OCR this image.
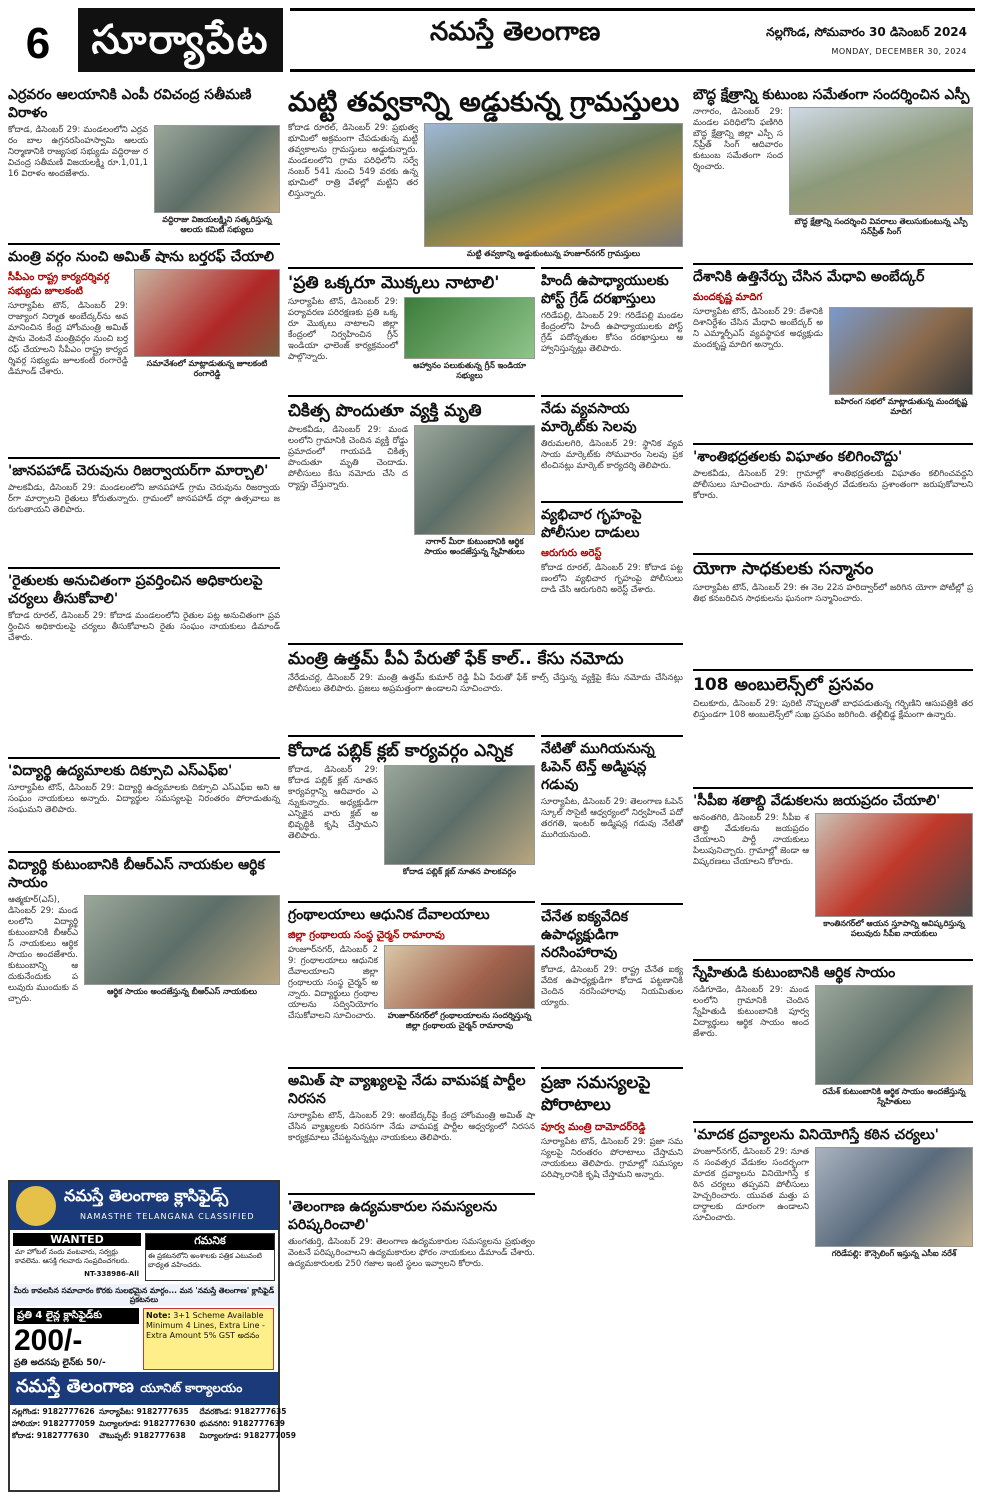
6	సూర్యాపేట	నమస్తే తెలంగాణ	నల్లగొండ, సోమవారం 30 డిసెంబర్ 2024
MONDAY, DECEMBER 30, 2024
ఎర్రవరం ఆలయానికి ఎంపీ రవిచంద్ర సతీమణి విరాళం
కోదాడ, డిసెంబర్ 29: మండలంలోని ఎర్రవరం బాల ఉగ్రనరసింహస్వామి ఆలయ నిర్మాణానికి రాజ్యసభ సభ్యుడు వద్దిరాజు రవిచంద్ర సతీమణి విజయలక్ష్మి రూ.1,01,116 విరాళం అందజేశారు.
వద్దిరాజు విజయలక్ష్మిని సత్కరిస్తున్న ఆలయ కమిటీ సభ్యులు
మంత్రి వర్గం నుంచి అమిత్ షాను బర్తరఫ్ చేయాలి
సీపీఎం రాష్ట్ర కార్యదర్శివర్గ సభ్యుడు జూలకంటి
సూర్యాపేట టౌన్, డిసెంబర్ 29: రాజ్యాంగ నిర్మాత అంబేద్కర్‌ను అవమానించిన కేంద్ర హోంమంత్రి అమిత్ షాను వెంటనే మంత్రివర్గం నుంచి బర్తరఫ్ చేయాలని సీపీఎం రాష్ట్ర కార్యదర్శివర్గ సభ్యుడు జూలకంటి రంగారెడ్డి డిమాండ్ చేశారు.
సమావేశంలో మాట్లాడుతున్న జూలకంటి రంగారెడ్డి
'జానపహాడ్ చెరువును రిజర్వాయర్‌గా మార్చాలి'
పాలకవీడు, డిసెంబర్ 29: మండలంలోని జానపహాడ్ గ్రామ చెరువును రిజర్వాయర్‌గా మార్చాలని రైతులు కోరుతున్నారు. గ్రామంలో జానపహాడ్ దర్గా ఉత్సవాలు జరుగుతాయని తెలిపారు.
'రైతులకు అనుచితంగా ప్రవర్తించిన అధికారులపై చర్యలు తీసుకోవాలి'
కోదాడ రూరల్, డిసెంబర్ 29: కోదాడ మండలంలోని రైతుల పట్ల అనుచితంగా ప్రవర్తించిన అధికారులపై చర్యలు తీసుకోవాలని రైతు సంఘం నాయకులు డిమాండ్ చేశారు.
'విద్యార్థి ఉద్యమాలకు దిక్సూచి ఎస్ఎఫ్ఐ'
సూర్యాపేట టౌన్, డిసెంబర్ 29: విద్యార్థి ఉద్యమాలకు దిక్సూచి ఎస్ఎఫ్ఐ అని ఆ సంఘం నాయకులు అన్నారు. విద్యార్థుల సమస్యలపై నిరంతరం పోరాడుతున్న సంఘమని తెలిపారు.
విద్యార్థి కుటుంబానికి బీఆర్ఎస్ నాయకుల ఆర్థిక సాయం
ఆత్మకూర్(ఎస్), డిసెంబర్ 29: మండలంలోని విద్యార్థి కుటుంబానికి బీఆర్ఎస్ నాయకులు ఆర్థిక సాయం అందజేశారు. కుటుంబాన్ని ఆదుకునేందుకు పలువురు ముందుకు వచ్చారు.
ఆర్థిక సాయం అందజేస్తున్న బీఆర్ఎస్ నాయకులు
నమస్తే తెలంగాణ క్లాసిఫైడ్స్
NAMASTHE TELANGANA CLASSIFIED
WANTED
మా హోటల్ నందు వంటవారు, సర్వర్లు కావలెను. ఆసక్తి గలవారు సంప్రదించగలరు.
NT-338986-All
గమనిక
ఈ ప్రకటనలోని అంశాలకు పత్రిక ఎటువంటి బాధ్యత వహించదు.
మీరు కావలసిన సమాచారం కొరకు సులభమైన మార్గం... మన 'నమస్తే తెలంగాణ' క్లాసిఫైడ్ ప్రకటనలు
ప్రతి 4 లైన్ల క్లాసిఫైడ్‌కు
200/-
ప్రతి అదనపు లైన్‌కు 50/-
Note: 3+1 Scheme Available Minimum 4 Lines, Extra Line - Extra Amount 5% GST అదనం
నమస్తే తెలంగాణ యూనిట్ కార్యాలయం
నల్లగొండ: 9182777626 సూర్యాపేట: 9182777635	దేవరకొండ: 9182777635
హాలియా: 9182777059 మిర్యాలగూడ: 9182777630 భువనగిరి: 9182777639
కోదాడ: 9182777630	చౌటుప్పల్: 9182777638	మిర్యాలగూడ: 9182777059
మట్టి తవ్వకాన్ని అడ్డుకున్న గ్రామస్తులు
కోదాడ రూరల్, డిసెంబర్ 29: ప్రభుత్వ భూమిలో అక్రమంగా చేపడుతున్న మట్టి తవ్వకాలను గ్రామస్తులు అడ్డుకున్నారు. మండలంలోని గ్రామ పరిధిలోని సర్వే నంబర్ 541 నుంచి 549 వరకు ఉన్న భూమిలో రాత్రి వేళల్లో మట్టిని తరలిస్తున్నారు.
మట్టి తవ్వకాన్ని అడ్డుకుంటున్న హుజూర్‌నగర్ గ్రామస్తులు
'ప్రతి ఒక్కరూ మొక్కలు నాటాలి'
సూర్యాపేట టౌన్, డిసెంబర్ 29: పర్యావరణ పరిరక్షణకు ప్రతి ఒక్కరూ మొక్కలు నాటాలని జిల్లా కేంద్రంలో నిర్వహించిన గ్రీన్ ఇండియా ఛాలెంజ్ కార్యక్రమంలో పాల్గొన్నారు.
ఆహ్వానం పలుకుతున్న గ్రీన్ ఇండియా సభ్యులు
చికిత్స పొందుతూ వ్యక్తి మృతి
పాలకవీడు, డిసెంబర్ 29: మండలంలోని గ్రామానికి చెందిన వ్యక్తి రోడ్డు ప్రమాదంలో గాయపడి చికిత్స పొందుతూ మృతి చెందాడు. పోలీసులు కేసు నమోదు చేసి దర్యాప్తు చేస్తున్నారు.
నాగార్ మీరా కుటుంబానికి ఆర్థిక సాయం అందజేస్తున్న స్నేహితులు
హిందీ ఉపాధ్యాయులకు పోస్ట్ గ్రేడ్ దరఖాస్తులు
గరిడేపల్లి, డిసెంబర్ 29: గరిడేపల్లి మండల కేంద్రంలోని హిందీ ఉపాధ్యాయులకు పోస్ట్ గ్రేడ్ పదోన్నతుల కోసం దరఖాస్తులు ఆహ్వానిస్తున్నట్లు తెలిపారు.
నేడు వ్యవసాయ మార్కెట్‌కు సెలవు
తిరుమలగిరి, డిసెంబర్ 29: స్థానిక వ్యవసాయ మార్కెట్‌కు సోమవారం సెలవు ప్రకటించినట్లు మార్కెట్ కార్యదర్శి తెలిపారు.
వ్యభిచార గృహంపై పోలీసుల దాడులు
ఆరుగురు అరెస్ట్
కోదాడ రూరల్, డిసెంబర్ 29: కోదాడ పట్టణంలోని వ్యభిచార గృహంపై పోలీసులు దాడి చేసి ఆరుగురిని అరెస్ట్ చేశారు.
మంత్రి ఉత్తమ్ పీఏ పేరుతో ఫేక్ కాల్.. కేసు నమోదు
నేరేడుచర్ల, డిసెంబర్ 29: మంత్రి ఉత్తమ్ కుమార్ రెడ్డి పీఏ పేరుతో ఫేక్ కాల్స్ చేస్తున్న వ్యక్తిపై కేసు నమోదు చేసినట్లు పోలీసులు తెలిపారు. ప్రజలు అప్రమత్తంగా ఉండాలని సూచించారు.
కోదాడ పబ్లిక్ క్లబ్ కార్యవర్గం ఎన్నిక
కోదాడ, డిసెంబర్ 29: కోదాడ పబ్లిక్ క్లబ్ నూతన కార్యవర్గాన్ని ఆదివారం ఎన్నుకున్నారు. అధ్యక్షుడిగా ఎన్నికైన వారు క్లబ్ అభివృద్ధికి కృషి చేస్తామని తెలిపారు.
కోదాడ పబ్లిక్ క్లబ్ నూతన పాలకవర్గం
గ్రంథాలయాలు ఆధునిక దేవాలయాలు
జిల్లా గ్రంథాలయ సంస్థ చైర్మన్ రామారావు
హుజూర్‌నగర్, డిసెంబర్ 29: గ్రంథాలయాలు ఆధునిక దేవాలయాలని జిల్లా గ్రంథాలయ సంస్థ చైర్మన్ అన్నారు. విద్యార్థులు గ్రంథాలయాలను సద్వినియోగం చేసుకోవాలని సూచించారు.	హుజూర్‌నగర్‌లో గ్రంథాలయాలను సందర్శిస్తున్న జిల్లా గ్రంథాలయ చైర్మన్ రామారావు
నేటితో ముగియనున్న ఓపెన్ టెన్త్ అడ్మిషన్ల గడువు
సూర్యాపేట, డిసెంబర్ 29: తెలంగాణ ఓపెన్ స్కూల్ సొసైటీ ఆధ్వర్యంలో నిర్వహించే పదో తరగతి, ఇంటర్ అడ్మిషన్ల గడువు నేటితో ముగియనుంది.
చేనేత ఐక్యవేదిక ఉపాధ్యక్షుడిగా నరసింహారావు
కోదాడ, డిసెంబర్ 29: రాష్ట్ర చేనేత ఐక్యవేదిక ఉపాధ్యక్షుడిగా కోదాడ పట్టణానికి చెందిన నరసింహారావు నియమితులయ్యారు.
అమిత్ షా వ్యాఖ్యలపై నేడు వామపక్ష పార్టీల నిరసన
సూర్యాపేట టౌన్, డిసెంబర్ 29: అంబేద్కర్‌పై కేంద్ర హోంమంత్రి అమిత్ షా చేసిన వ్యాఖ్యలకు నిరసనగా నేడు వామపక్ష పార్టీల ఆధ్వర్యంలో నిరసన కార్యక్రమాలు చేపట్టనున్నట్లు నాయకులు తెలిపారు.
'తెలంగాణ ఉద్యమకారుల సమస్యలను పరిష్కరించాలి'
తుంగతుర్తి, డిసెంబర్ 29: తెలంగాణ ఉద్యమకారుల సమస్యలను ప్రభుత్వం వెంటనే పరిష్కరించాలని ఉద్యమకారుల ఫోరం నాయకులు డిమాండ్ చేశారు. ఉద్యమకారులకు 250 గజాల ఇంటి స్థలం ఇవ్వాలని కోరారు.
ప్రజా సమస్యలపై పోరాటాలు
పూర్వ మంత్రి దామోదర్‌రెడ్డి
సూర్యాపేట టౌన్, డిసెంబర్ 29: ప్రజా సమస్యలపై నిరంతరం పోరాటాలు చేస్తామని నాయకులు తెలిపారు. గ్రామాల్లో సమస్యల పరిష్కారానికి కృషి చేస్తామని అన్నారు.
బౌద్ధ క్షేత్రాన్ని కుటుంబ సమేతంగా సందర్శించిన ఎస్పీ
నాగారం, డిసెంబర్ 29: మండల పరిధిలోని ఫణిగిరి బౌద్ధ క్షేత్రాన్ని జిల్లా ఎస్పీ సన్‌ప్రీత్ సింగ్ ఆదివారం కుటుంబ సమేతంగా సందర్శించారు.
బౌద్ధ క్షేత్రాన్ని సందర్శించి వివరాలు తెలుసుకుంటున్న ఎస్పీ సన్‌ప్రీత్ సింగ్
దేశానికి ఉత్తినేర్పు చేసిన మేధావి అంబేద్కర్
మందకృష్ణ మాదిగ
సూర్యాపేట టౌన్, డిసెంబర్ 29: దేశానికి దిశానిర్దేశం చేసిన మేధావి అంబేద్కర్ అని ఎమ్మార్పీఎస్ వ్యవస్థాపక అధ్యక్షుడు మందకృష్ణ మాదిగ అన్నారు.
బహిరంగ సభలో మాట్లాడుతున్న మందకృష్ణ మాదిగ
'శాంతిభద్రతలకు విఘాతం కలిగించొద్దు'
పాలకవీడు, డిసెంబర్ 29: గ్రామాల్లో శాంతిభద్రతలకు విఘాతం కలిగించవద్దని పోలీసులు సూచించారు. నూతన సంవత్సర వేడుకలను ప్రశాంతంగా జరుపుకోవాలని కోరారు.
యోగా సాధకులకు సన్మానం
సూర్యాపేట టౌన్, డిసెంబర్ 29: ఈ నెల 22న హరిద్వార్‌లో జరిగిన యోగా పోటీల్లో ప్రతిభ కనబరిచిన సాధకులను ఘనంగా సన్మానించారు.
108 అంబులెన్స్‌లో ప్రసవం
చిలుకూరు, డిసెంబర్ 29: పురిటి నొప్పులతో బాధపడుతున్న గర్భిణిని ఆసుపత్రికి తరలిస్తుండగా 108 అంబులెన్స్‌లో సుఖ ప్రసవం జరిగింది. తల్లీబిడ్డ క్షేమంగా ఉన్నారు.
'సీపీఐ శతాబ్ది వేడుకలను జయప్రదం చేయాలి'
అనంతగిరి, డిసెంబర్ 29: సీపీఐ శతాబ్ది వేడుకలను జయప్రదం చేయాలని పార్టీ నాయకులు పిలుపునిచ్చారు. గ్రామాల్లో జెండా ఆవిష్కరణలు చేయాలని కోరారు.
కాంతినగర్‌లో ఆయన స్తూపాన్ని ఆవిష్కరిస్తున్న పలువురు సీపీఐ నాయకులు
స్నేహితుడి కుటుంబానికి ఆర్థిక సాయం
నడిగూడెం, డిసెంబర్ 29: మండలంలోని గ్రామానికి చెందిన స్నేహితుడి కుటుంబానికి పూర్వ విద్యార్థులు ఆర్థిక సాయం అందజేశారు.
రమేశ్ కుటుంబానికి ఆర్థిక సాయం అందజేస్తున్న స్నేహితులు
'మాదక ద్రవ్యాలను వినియోగిస్తే కఠిన చర్యలు'
హుజూర్‌నగర్, డిసెంబర్ 29: నూతన సంవత్సర వేడుకల సందర్భంగా మాదక ద్రవ్యాలను వినియోగిస్తే కఠిన చర్యలు తప్పవని పోలీసులు హెచ్చరించారు. యువత మత్తు పదార్థాలకు దూరంగా ఉండాలని సూచించారు.
గరిడేపల్లి: కౌన్సెలింగ్ ఇస్తున్న ఎసీఐ నరేశ్
